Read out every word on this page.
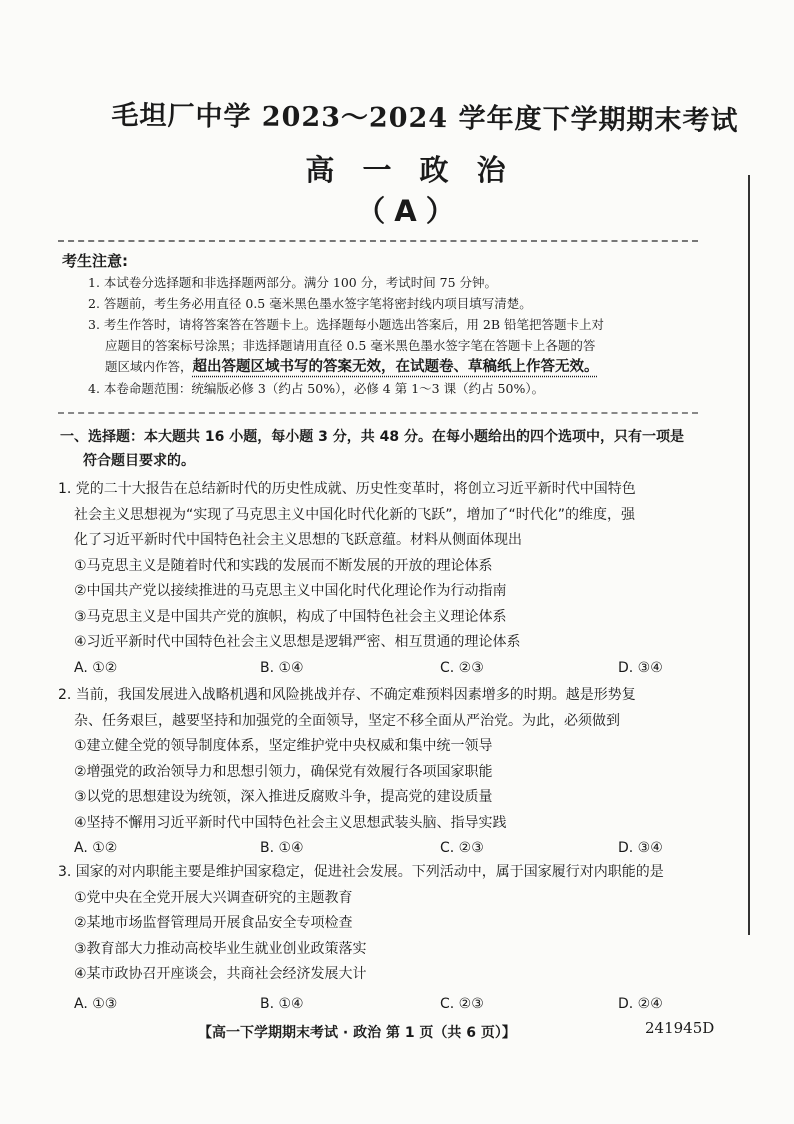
毛坦厂中学 2023～2024 学年度下学期期末考试
高 一 政 治（A）
考生注意:

1. 本试卷分选择题和非选择题两部分。满分 100 分，考试时间 75 分钟。

2. 答题前，考生务必用直径 0.5 毫米黑色墨水签字笔将密封线内项目填写清楚。

3. 考生作答时，请将答案答在答题卡上。选择题每小题选出答案后，用 2B 铅笔把答题卡上对

应题目的答案标号涂黑；非选择题请用直径 0.5 毫米黑色墨水签字笔在答题卡上各题的答

题区域内作答，超出答题区域书写的答案无效，在试题卷、草稿纸上作答无效。

4. 本卷命题范围：统编版必修 3（约占 50%），必修 4 第 1～3 课（约占 50%）。

一、选择题：本大题共 16 小题，每小题 3 分，共 48 分。在每小题给出的四个选项中，只有一项是
符合题目要求的。

1. 党的二十大报告在总结新时代的历史性成就、历史性变革时，将创立习近平新时代中国特色

社会主义思想视为“实现了马克思主义中国化时代化新的飞跃”，增加了“时代化”的维度，强

化了习近平新时代中国特色社会主义思想的飞跃意蕴。材料从侧面体现出

①马克思主义是随着时代和实践的发展而不断发展的开放的理论体系

②中国共产党以接续推进的马克思主义中国化时代化理论作为行动指南

③马克思主义是中国共产党的旗帜，构成了中国特色社会主义理论体系

④习近平新时代中国特色社会主义思想是逻辑严密、相互贯通的理论体系

A. ①②	B. ①④	C. ②③	D. ③④

2. 当前，我国发展进入战略机遇和风险挑战并存、不确定难预料因素增多的时期。越是形势复

杂、任务艰巨，越要坚持和加强党的全面领导，坚定不移全面从严治党。为此，必须做到

①建立健全党的领导制度体系，坚定维护党中央权威和集中统一领导

②增强党的政治领导力和思想引领力，确保党有效履行各项国家职能

③以党的思想建设为统领，深入推进反腐败斗争，提高党的建设质量

④坚持不懈用习近平新时代中国特色社会主义思想武装头脑、指导实践

A. ①②	B. ①④	C. ②③	D. ③④

3. 国家的对内职能主要是维护国家稳定，促进社会发展。下列活动中，属于国家履行对内职能的是

①党中央在全党开展大兴调查研究的主题教育

②某地市场监督管理局开展食品安全专项检查

③教育部大力推动高校毕业生就业创业政策落实

④某市政协召开座谈会，共商社会经济发展大计

A. ①③	B. ①④	C. ②③	D. ②④
【高一下学期期末考试 · 政治 第 1 页（共 6 页）】	241945D
